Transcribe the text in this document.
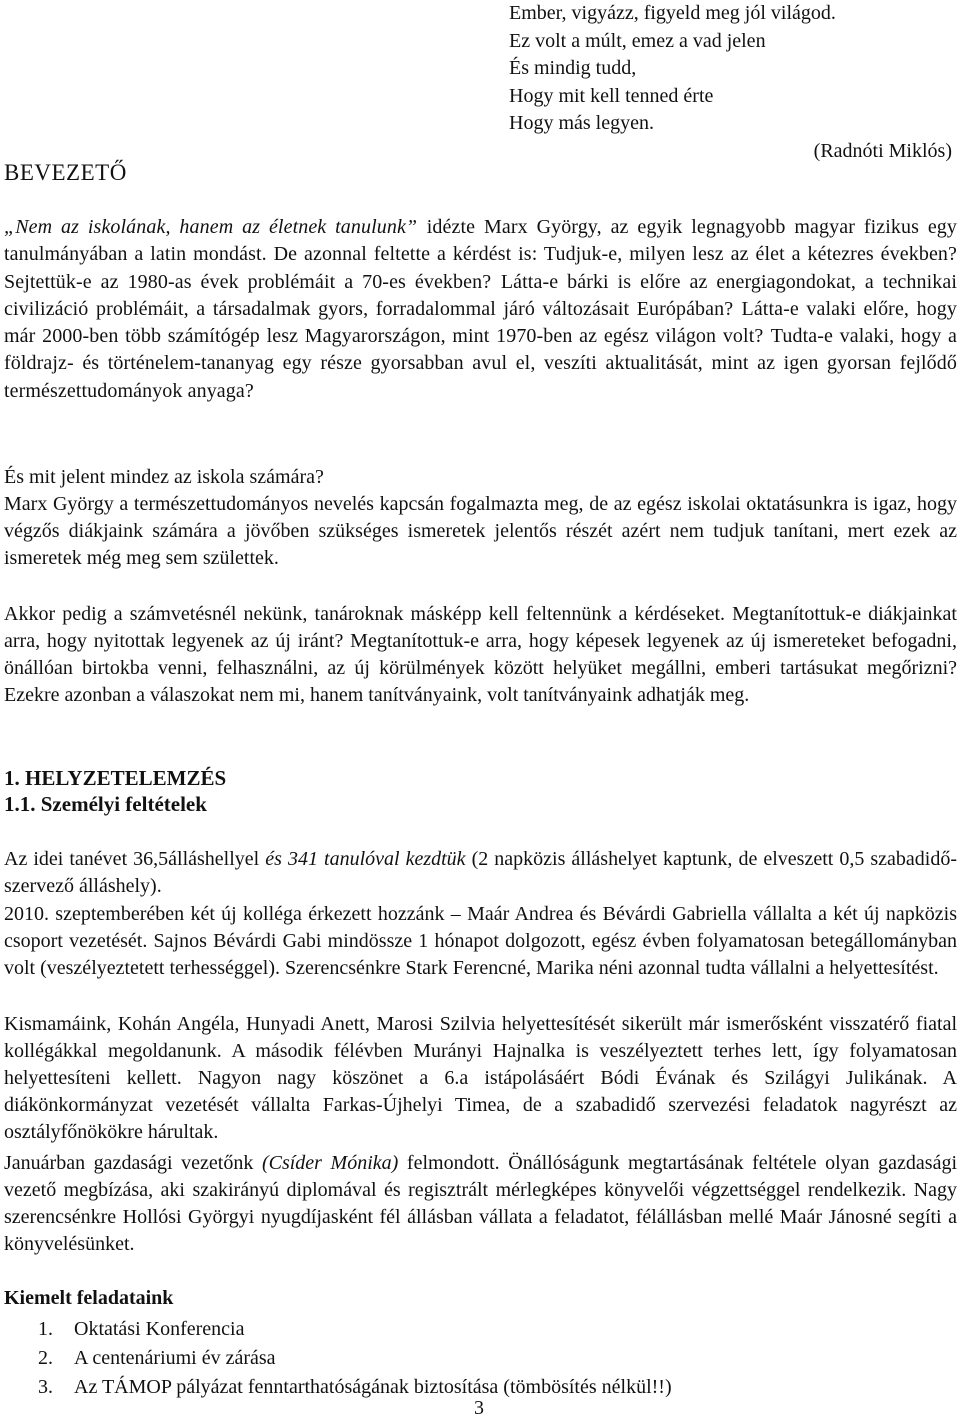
Ember, vigyázz, figyeld meg jól világod.
Ez volt a múlt, emez a vad jelen
És mindig tudd,
Hogy mit kell tenned érte
Hogy más legyen.
(Radnóti Miklós)
BEVEZETŐ

„Nem az iskolának, hanem az életnek tanulunk” idézte Marx György, az egyik legnagyobb magyar fizikus egy tanulmányában a latin mondást. De azonnal feltette a kérdést is: Tudjuk-e, milyen lesz az élet a kétezres években? Sejtettük-e az 1980-as évek problémáit a 70-es években? Látta-e bárki is előre az energiagondokat, a technikai civilizáció problémáit, a társadalmak gyors, forradalommal járó változásait Európában? Látta-e valaki előre, hogy már 2000-ben több számítógép lesz Magyarországon, mint 1970-ben az egész világon volt? Tudta-e valaki, hogy a földrajz- és történelem-tananyag egy része gyorsabban avul el, veszíti aktualitását, mint az igen gyorsan fejlődő természettudományok anyaga?

És mit jelent mindez az iskola számára?

Marx György a természettudományos nevelés kapcsán fogalmazta meg, de az egész iskolai oktatásunkra is igaz, hogy végzős diákjaink számára a jövőben szükséges ismeretek jelentős részét azért nem tudjuk tanítani, mert ezek az ismeretek még meg sem születtek.

Akkor pedig a számvetésnél nekünk, tanároknak másképp kell feltennünk a kérdéseket. Megtanítottuk-e diákjainkat arra, hogy nyitottak legyenek az új iránt? Megtanítottuk-e arra, hogy képesek legyenek az új ismereteket befogadni, önállóan birtokba venni, felhasználni, az új körülmények között helyüket megállni, emberi tartásukat megőrizni? Ezekre azonban a válaszokat nem mi, hanem tanítványaink, volt tanítványaink adhatják meg.

1. HELYZETELEMZÉS
1.1. Személyi feltételek

Az idei tanévet 36,5álláshellyel és 341 tanulóval kezdtük (2 napközis álláshelyet kaptunk, de elveszett 0,5 szabadidő-szervező álláshely).

2010. szeptemberében két új kolléga érkezett hozzánk – Maár Andrea és Bévárdi Gabriella vállalta a két új napközis csoport vezetését. Sajnos Bévárdi Gabi mindössze 1 hónapot dolgozott, egész évben folyamatosan betegállományban volt (veszélyeztetett terhességgel). Szerencsénkre Stark Ferencné, Marika néni azonnal tudta vállalni a helyettesítést.

Kismamáink, Kohán Angéla, Hunyadi Anett, Marosi Szilvia helyettesítését sikerült már ismerősként visszatérő fiatal kollégákkal megoldanunk. A második félévben Murányi Hajnalka is veszélyeztett terhes lett, így folyamatosan helyettesíteni kellett. Nagyon nagy köszönet a 6.a istápolásáért Bódi Évának és Szilágyi Julikának. A diákönkormányzat vezetését vállalta Farkas-Újhelyi Timea, de a szabadidő szervezési feladatok nagyrészt az osztályfőnökökre hárultak.

Januárban gazdasági vezetőnk (Csíder Mónika) felmondott. Önállóságunk megtartásának feltétele olyan gazdasági vezető megbízása, aki szakirányú diplomával és regisztrált mérlegképes könyvelői végzettséggel rendelkezik. Nagy szerencsénkre Hollósi Györgyi nyugdíjasként fél állásban vállata a feladatot, félállásban mellé Maár Jánosné segíti a könyvelésünket.

Kiemelt feladataink
1. Oktatási Konferencia
2. A centenáriumi év zárása
3. Az TÁMOP pályázat fenntarthatóságának biztosítása (tömbösítés nélkül!!)
3
